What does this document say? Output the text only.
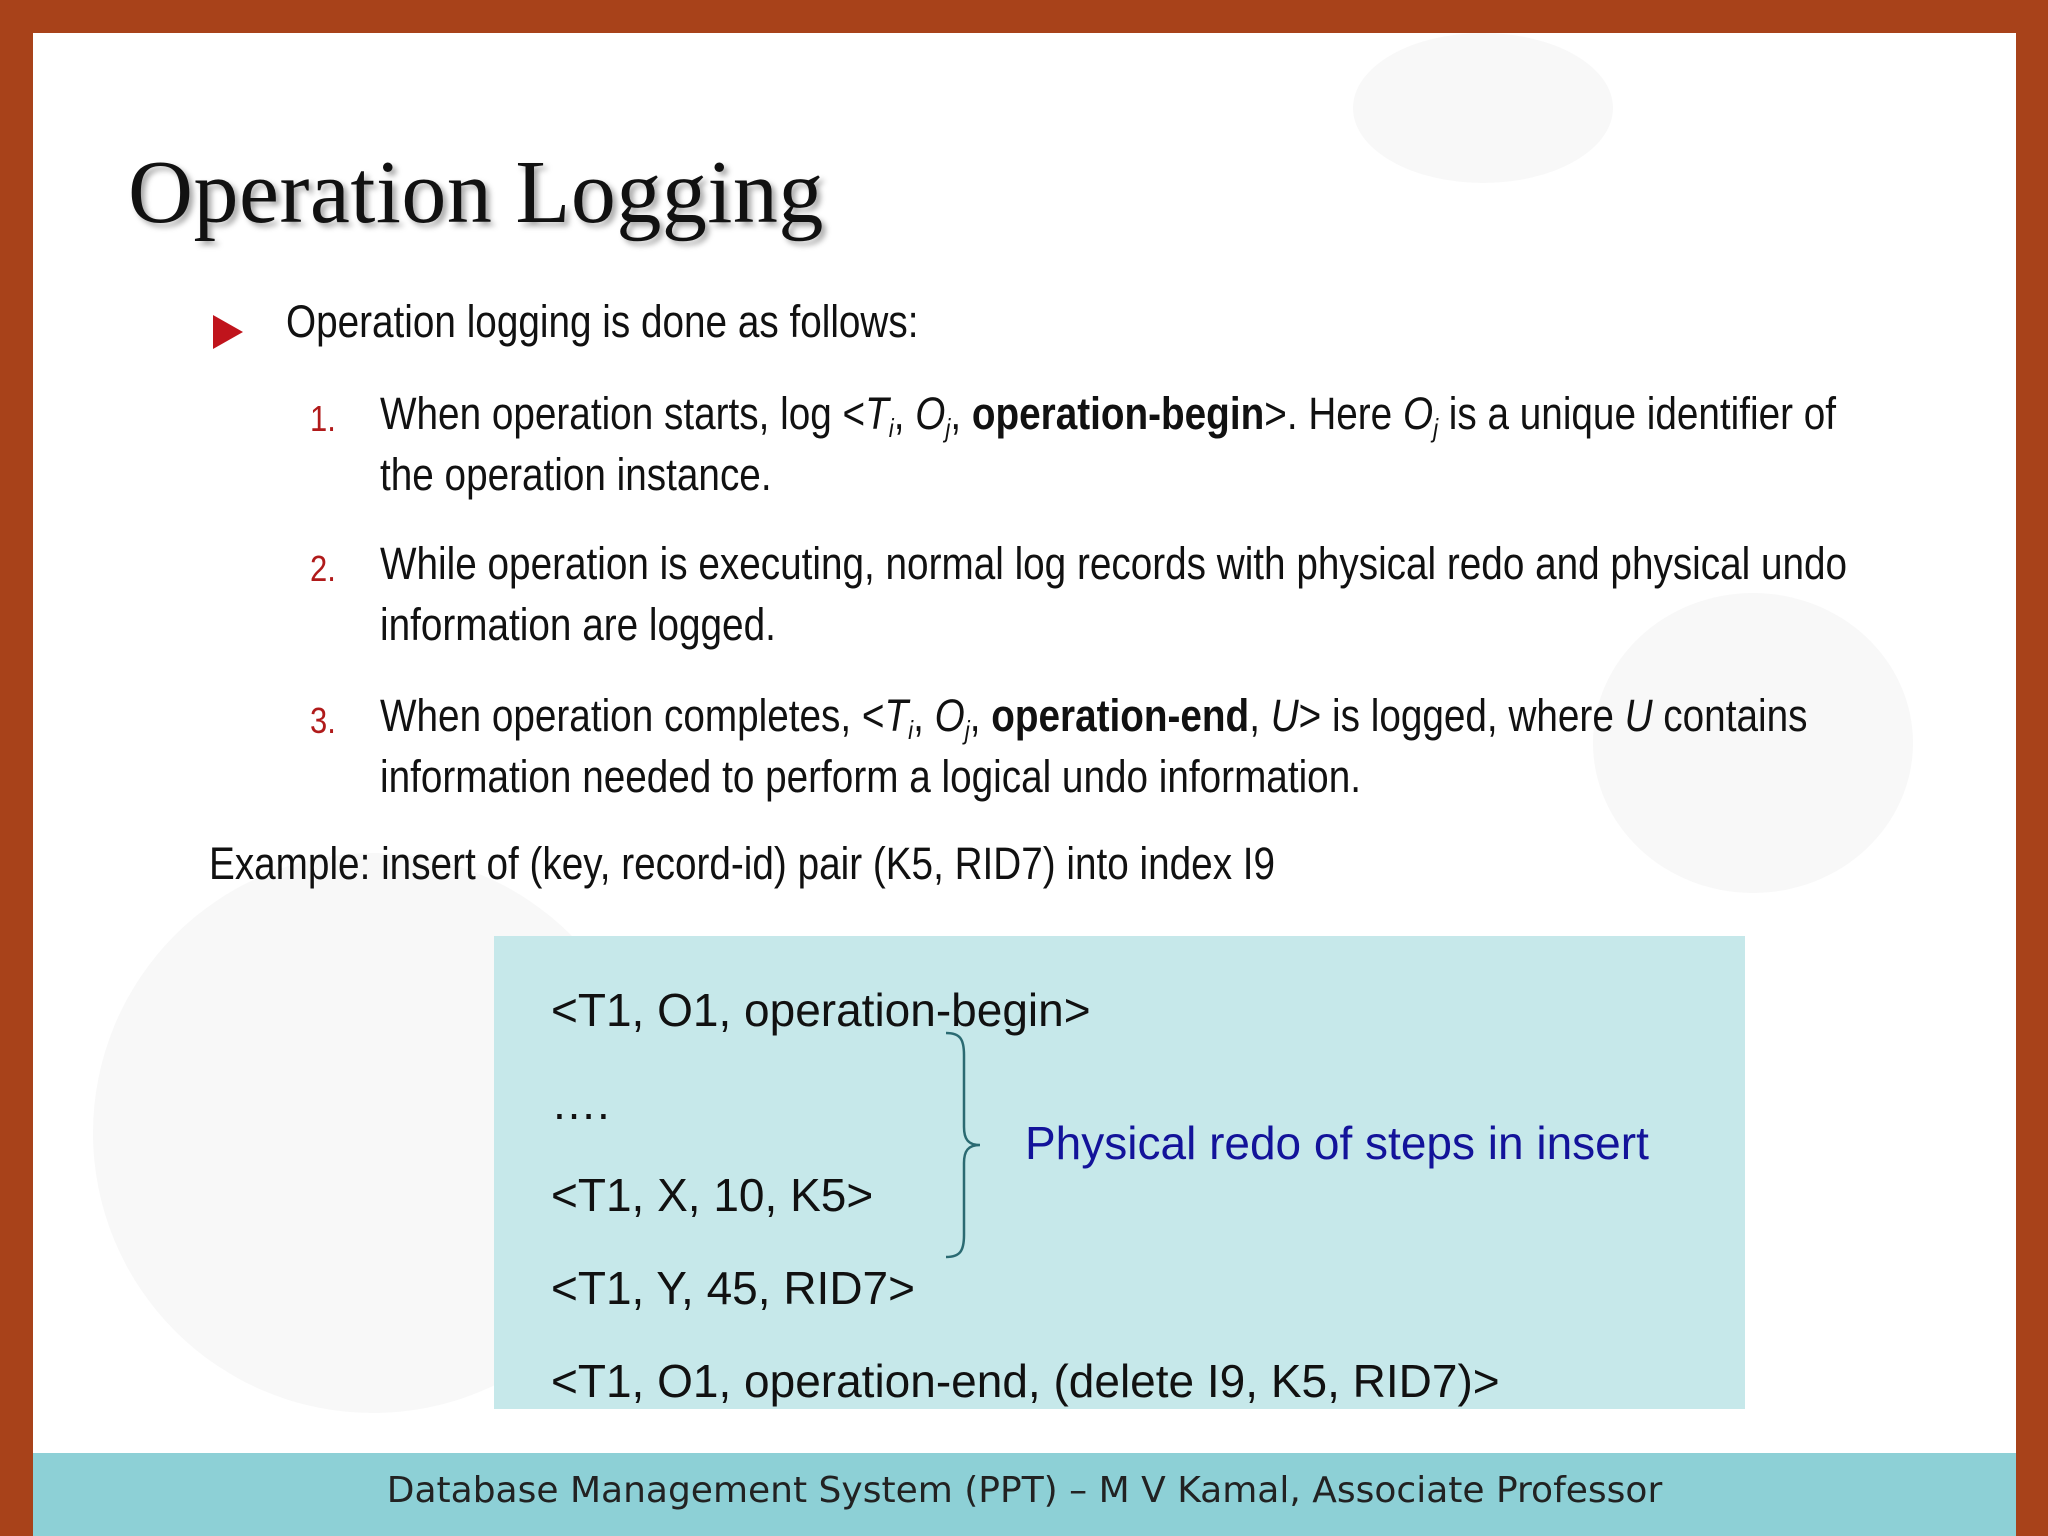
Operation Logging
Operation logging is done as follows:
1. When operation starts, $\log <T_i$, $O_j$, operation-begin>. Here $O_j$ is a unique identifier of the operation instance.
2. While operation is executing, normal log records with physical redo and physical undo information are logged.
3. When operation completes, $<T_i$, $O_j$, operation-end, U> is logged, where U contains information needed to perform a logical undo information.
Example: insert of (key, record-id) pair (K5, RID7) into index I9
<T1, O1, operation-begin>
….
<T1, X, 10, K5>
<T1, Y, 45, RID7>
<T1, O1, operation-end, (delete I9, K5, RID7)>
Physical redo of steps in insert
Database Management System (PPT) – M V Kamal, Associate Professor
